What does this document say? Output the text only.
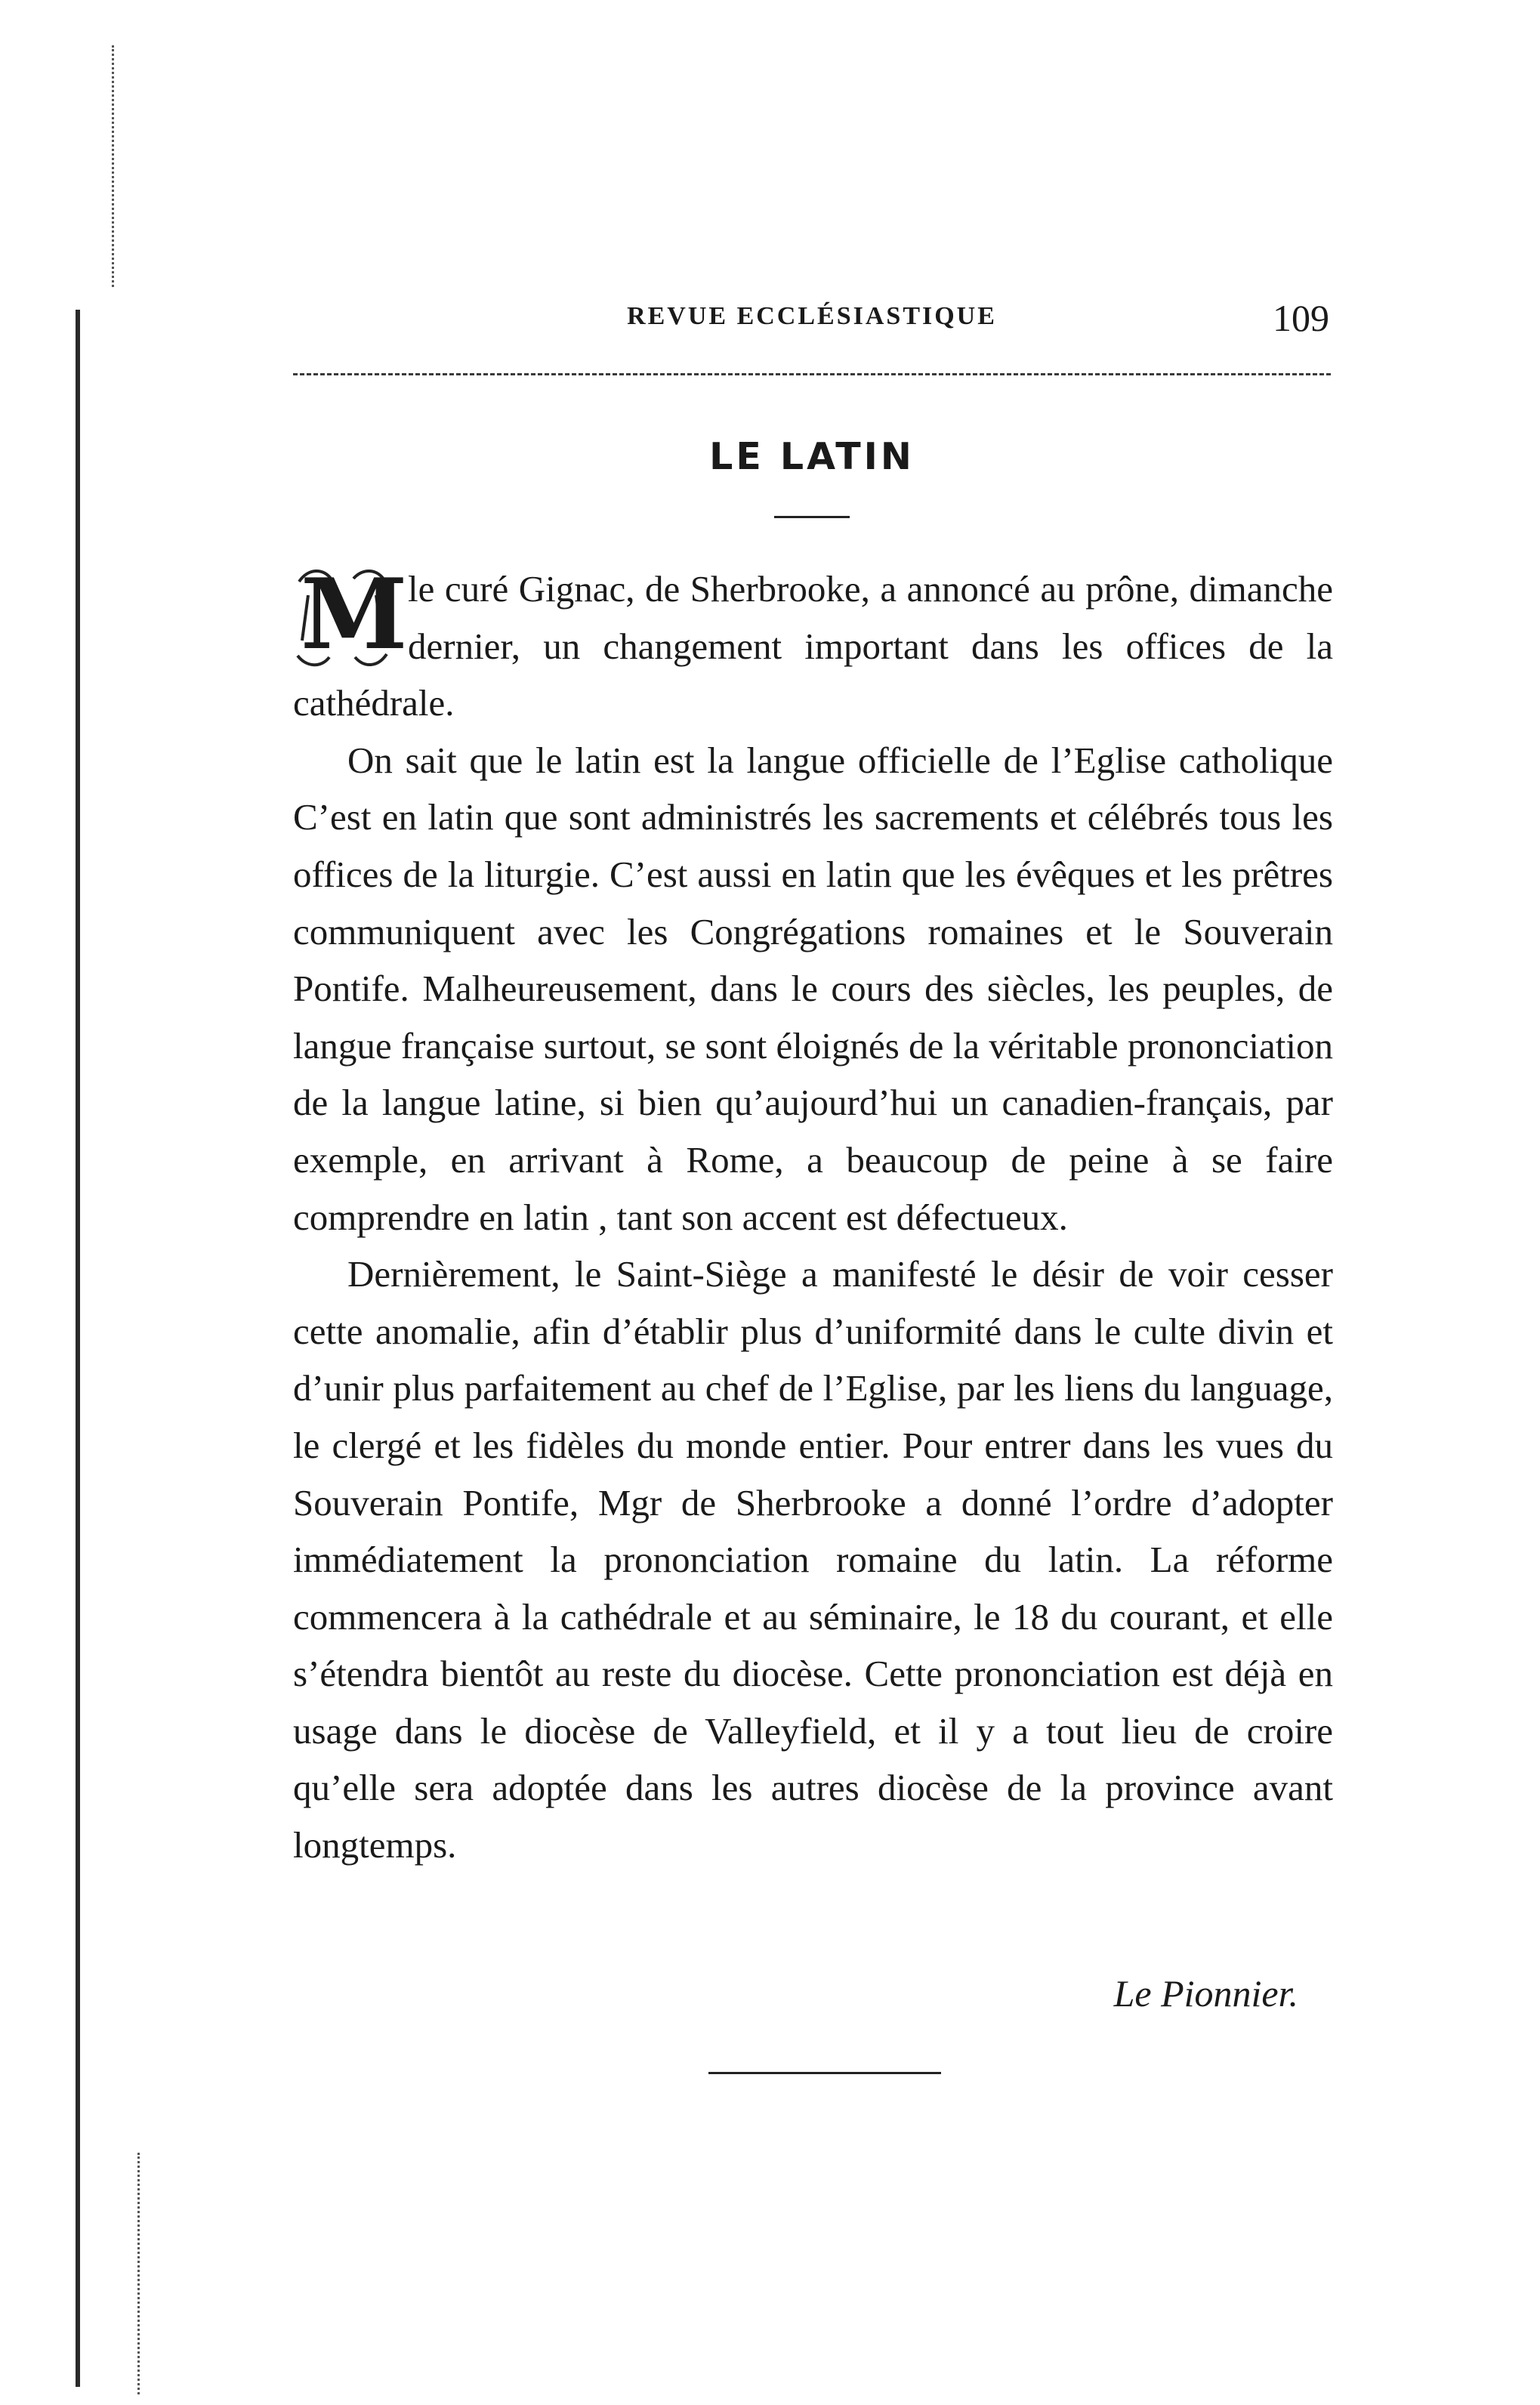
REVUE ECCLÉSIASTIQUE	109
LE LATIN

M le curé Gignac, de Sherbrooke, a annoncé au prône, dimanche dernier, un changement important dans les offices de la cathédrale.

On sait que le latin est la langue officielle de l’Eglise catholique C’est en latin que sont administrés les sacrements et célébrés tous les offices de la liturgie. C’est aussi en latin que les évêques et les prêtres communiquent avec les Congrégations romaines et le Souverain Pontife. Malheureusement, dans le cours des siècles, les peuples, de langue française surtout, se sont éloignés de la véritable prononciation de la langue latine, si bien qu’aujourd’hui un canadien-français, par exemple, en arrivant à Rome, a beaucoup de peine à se faire comprendre en latin , tant son accent est défectueux.

Dernièrement, le Saint-Siège a manifesté le désir de voir cesser cette anomalie, afin d’établir plus d’uniformité dans le culte divin et d’unir plus parfaitement au chef de l’Eglise, par les liens du language, le clergé et les fidèles du monde entier. Pour entrer dans les vues du Souverain Pontife, Mgr de Sherbrooke a donné l’ordre d’adopter immédiatement la prononciation romaine du latin. La réforme commencera à la cathédrale et au séminaire, le 18 du courant, et elle s’étendra bientôt au reste du diocèse. Cette prononciation est déjà en usage dans le diocèse de Valleyfield, et il y a tout lieu de croire qu’elle sera adoptée dans les autres diocèse de la province avant longtemps.

Le Pionnier.
